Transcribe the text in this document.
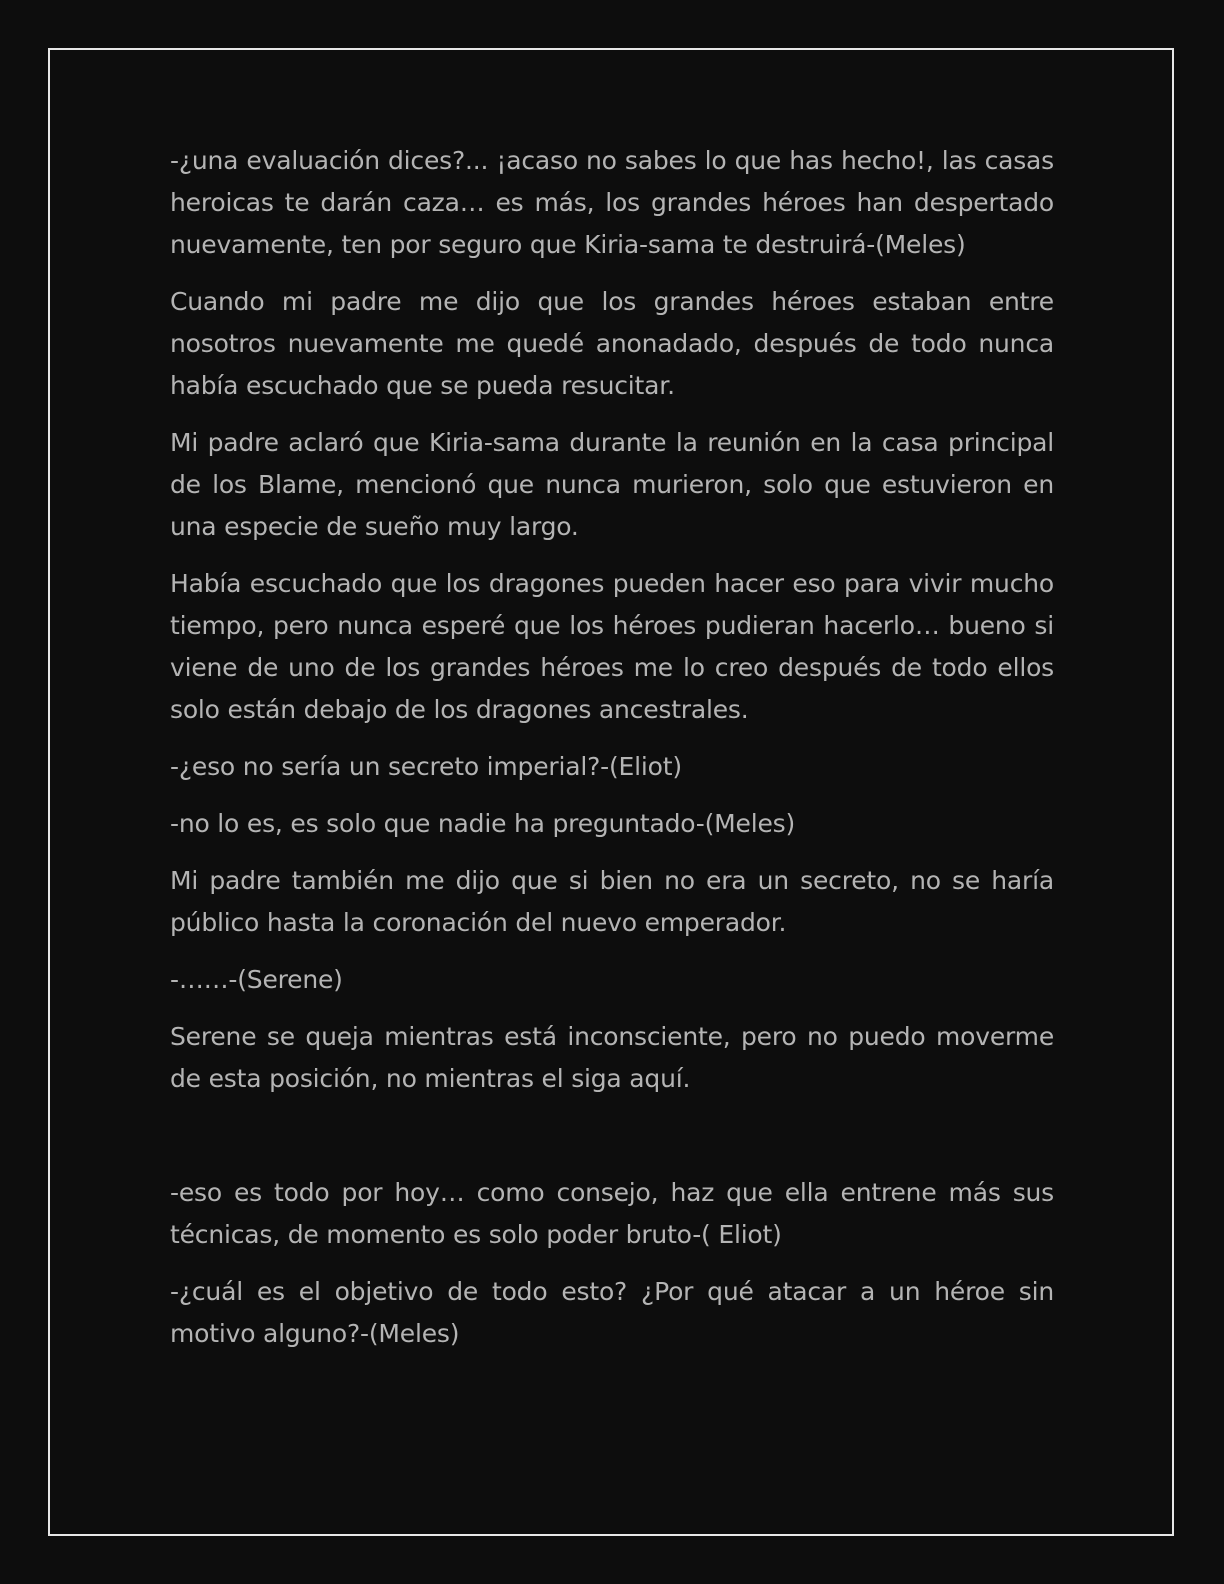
-¿una evaluación dices?... ¡acaso no sabes lo que has hecho!, las casas heroicas te darán caza… es más, los grandes héroes han despertado nuevamente, ten por seguro que Kiria-sama te destruirá-(Meles)

Cuando mi padre me dijo que los grandes héroes estaban entre nosotros nuevamente me quedé anonadado, después de todo nunca había escuchado que se pueda resucitar.

Mi padre aclaró que Kiria-sama durante la reunión en la casa principal de los Blame, mencionó que nunca murieron, solo que estuvieron en una especie de sueño muy largo.

Había escuchado que los dragones pueden hacer eso para vivir mucho tiempo, pero nunca esperé que los héroes pudieran hacerlo… bueno si viene de uno de los grandes héroes me lo creo después de todo ellos solo están debajo de los dragones ancestrales.

-¿eso no sería un secreto imperial?-(Eliot)

-no lo es, es solo que nadie ha preguntado-(Meles)

Mi padre también me dijo que si bien no era un secreto, no se haría público hasta la coronación del nuevo emperador.

-……-(Serene)

Serene se queja mientras está inconsciente, pero no puedo moverme de esta posición, no mientras el siga aquí.

-eso es todo por hoy… como consejo, haz que ella entrene más sus técnicas, de momento es solo poder bruto-( Eliot)

-¿cuál es el objetivo de todo esto? ¿Por qué atacar a un héroe sin motivo alguno?-(Meles)
